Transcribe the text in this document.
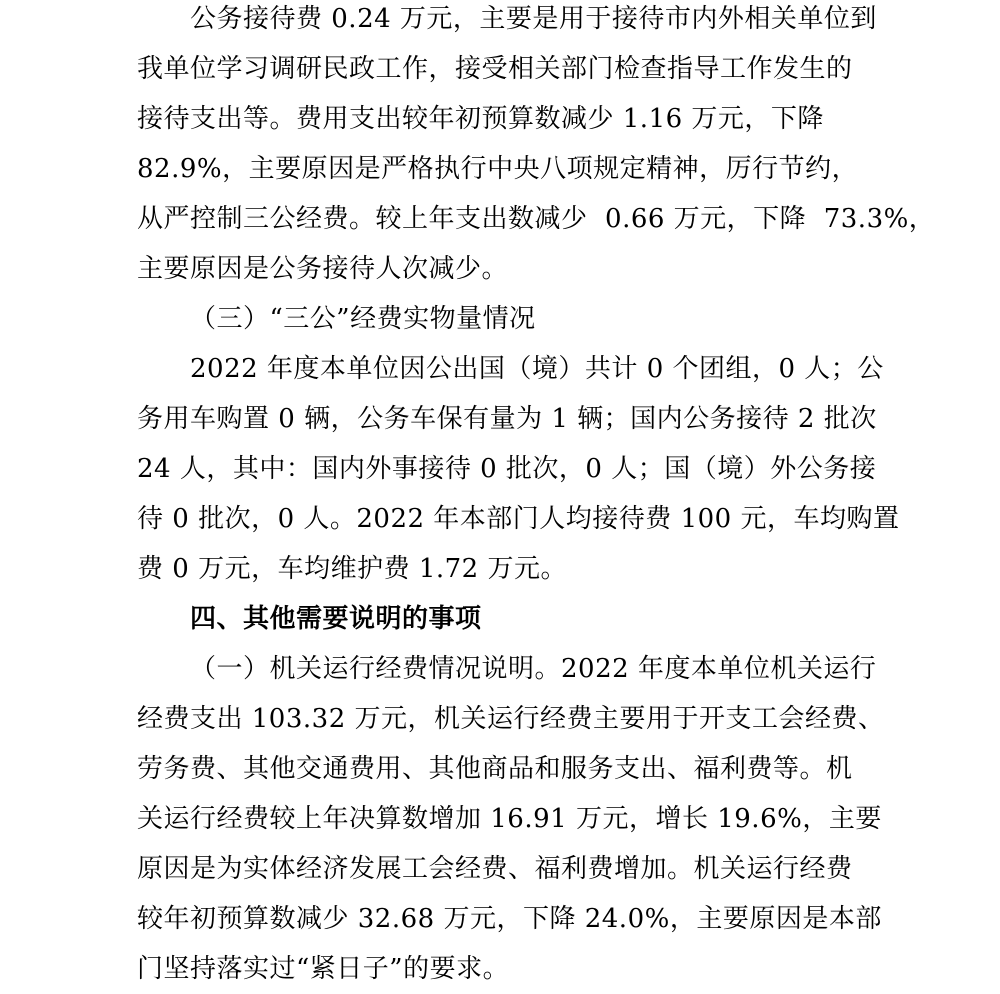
公务接待费 0.24 万元，主要是用于接待市内外相关单位到
我单位学习调研民政工作，接受相关部门检查指导工作发生的
接待支出等。费用支出较年初预算数减少 1.16 万元，下降
82.9%，主要原因是严格执行中央八项规定精神，厉行节约，
从严控制三公经费。较上年支出数减少  0.66 万元，下降  73.3%，
主要原因是公务接待人次减少。
（三）“三公”经费实物量情况
2022 年度本单位因公出国（境）共计 0 个团组，0 人；公
务用车购置 0 辆，公务车保有量为 1 辆；国内公务接待 2 批次
24 人，其中：国内外事接待 0 批次，0 人；国（境）外公务接
待 0 批次，0 人。2022 年本部门人均接待费 100 元，车均购置
费 0 万元，车均维护费 1.72 万元。
四、其他需要说明的事项
（一）机关运行经费情况说明。2022 年度本单位机关运行
经费支出 103.32 万元，机关运行经费主要用于开支工会经费、
劳务费、其他交通费用、其他商品和服务支出、福利费等。机
关运行经费较上年决算数增加 16.91 万元，增长 19.6%，主要
原因是为实体经济发展工会经费、福利费增加。机关运行经费
较年初预算数减少 32.68 万元，下降 24.0%，主要原因是本部
门坚持落实过“紧日子”的要求。
